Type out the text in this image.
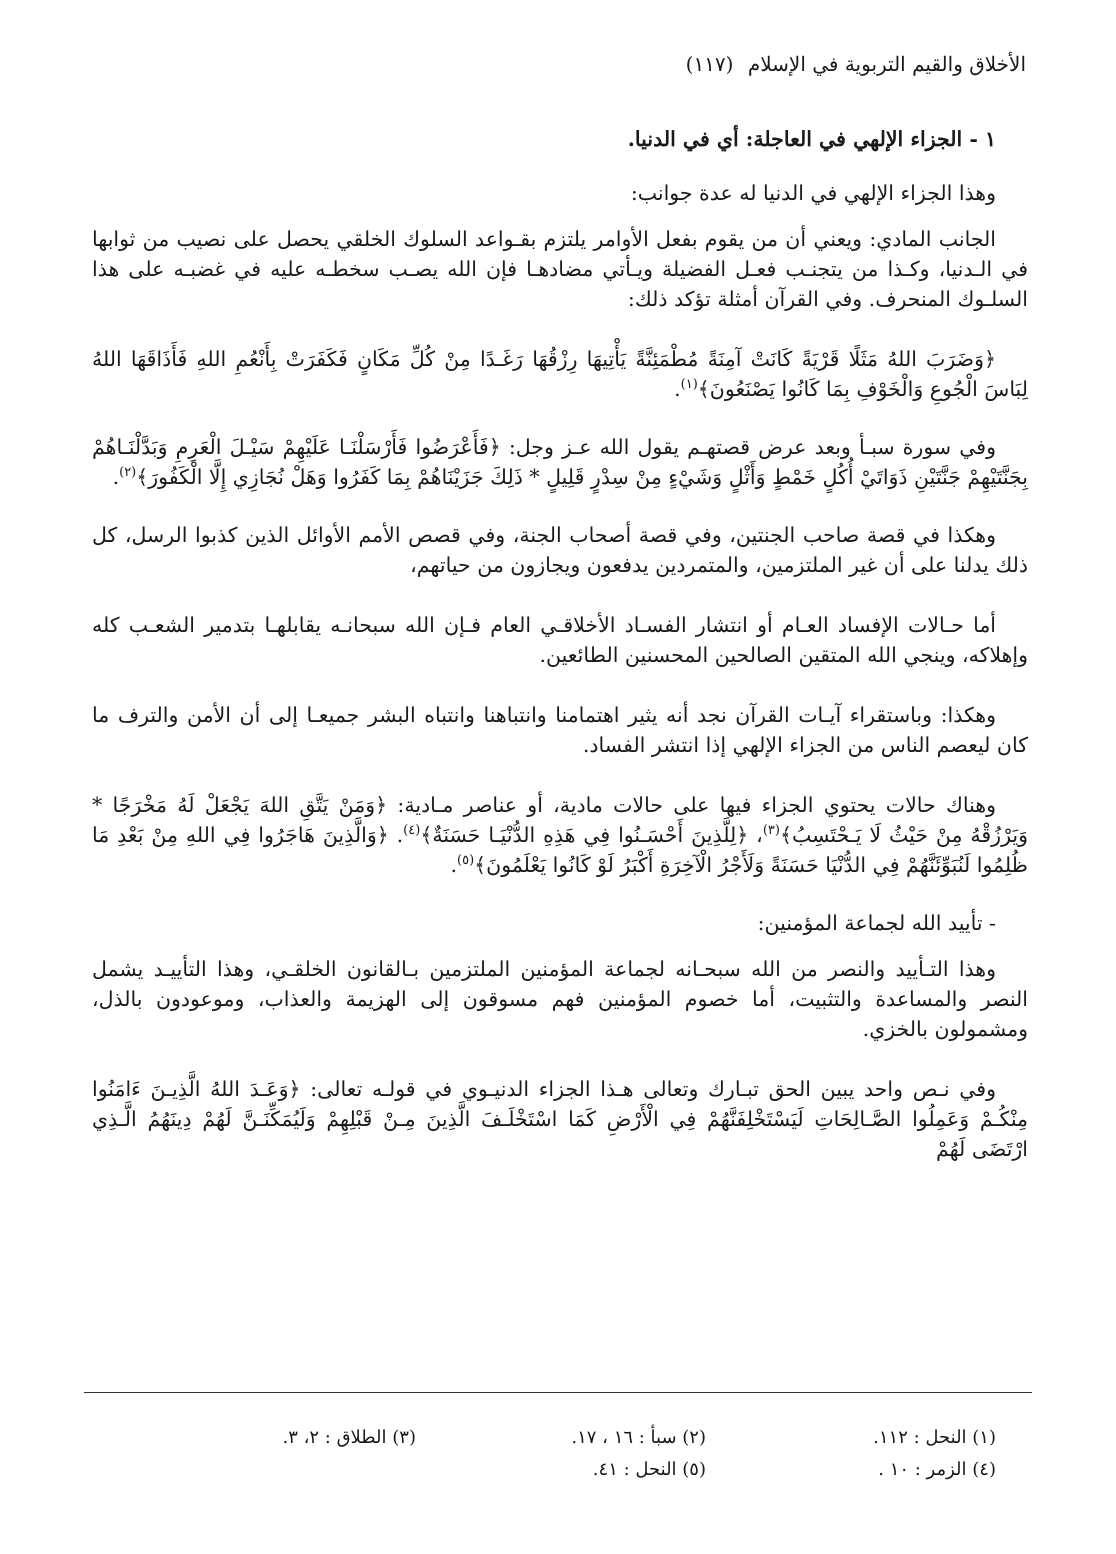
الأخلاق والقيم التربوية في الإسلام (١١٧)

١ - الجزاء الإلهي في العاجلة: أي في الدنيا.

وهذا الجزاء الإلهي في الدنيا له عدة جوانب:

الجانب المادي: ويعني أن من يقوم بفعل الأوامر يلتزم بقـواعد السلوك الخلقي يحصل على نصيب من ثوابها في الـدنيا، وكـذا من يتجنـب فعـل الفضيلة ويـأتي مضادهـا فإن الله يصـب سخطـه عليه في غضبـه على هذا السلـوك المنحرف. وفي القرآن أمثلة تؤكد ذلك:

﴿وَضَرَبَ اللهُ مَثَلًا قَرْيَةً كَانَتْ آمِنَةً مُطْمَئِنَّةً يَأْتِيهَا رِزْقُهَا رَغَـدًا مِنْ كُلِّ مَكَانٍ فَكَفَرَتْ بِأَنْعُمِ اللهِ فَأَذَاقَهَا اللهُ لِبَاسَ الْجُوعِ وَالْخَوْفِ بِمَا كَانُوا يَصْنَعُونَ﴾$^{(١)}$.

وفي سورة سبـأ وبعد عرض قصتهـم يقول الله عـز وجل: ﴿فَأَعْرَضُوا فَأَرْسَلْنَـا عَلَيْهِمْ سَيْـلَ الْعَرِمِ وَبَدَّلْنَـاهُمْ بِجَنَّتَيْهِمْ جَنَّتَيْنِ ذَوَاتَيْ أُكُلٍ خَمْطٍ وَأَثْلٍ وَشَيْءٍ مِنْ سِدْرٍ قَلِيلٍ * ذَلِكَ جَزَيْنَاهُمْ بِمَا كَفَرُوا وَهَلْ نُجَازِي إِلَّا الْكَفُورَ﴾$^{(٢)}$.

وهكذا في قصة صاحب الجنتين، وفي قصة أصحاب الجنة، وفي قصص الأمم الأوائل الذين كذبوا الرسل، كل ذلك يدلنا على أن غير الملتزمين، والمتمردين يدفعون ويجازون من حياتهم،

أما حـالات الإفساد العـام أو انتشار الفسـاد الأخلاقـي العام فـإن الله سبحانـه يقابلهـا بتدمير الشعـب كله وإهلاكه، وينجي الله المتقين الصالحين المحسنين الطائعين.

وهكذا: وباستقراء آيـات القرآن نجد أنه يثير اهتمامنا وانتباهنا وانتباه البشر جميعـا إلى أن الأمن والترف ما كان ليعصم الناس من الجزاء الإلهي إذا انتشر الفساد.

وهناك حالات يحتوي الجزاء فيها على حالات مادية، أو عناصر مـادية: ﴿وَمَنْ يَتَّقِ اللهَ يَجْعَلْ لَهُ مَخْرَجًا * وَيَرْزُقْهُ مِنْ حَيْثُ لَا يَـحْتَسِبُ﴾$^{(٣)}$، ﴿لِلَّذِينَ أَحْسَـنُوا فِي هَذِهِ الدُّنْيَـا حَسَنَةٌ﴾$^{(٤)}$. ﴿وَالَّذِينَ هَاجَرُوا فِي اللهِ مِنْ بَعْدِ مَا ظُلِمُوا لَنُبَوِّئَنَّهُمْ فِي الدُّنْيَا حَسَنَةً وَلَأَجْرُ الْآخِرَةِ أَكْبَرُ لَوْ كَانُوا يَعْلَمُونَ﴾$^{(٥)}$.

- تأييد الله لجماعة المؤمنين:

وهذا التـأييد والنصر من الله سبحـانه لجماعة المؤمنين الملتزمين بـالقانون الخلقـي، وهذا التأييـد يشمل النصر والمساعدة والتثبيت، أما خصوم المؤمنين فهم مسوقون إلى الهزيمة والعذاب، وموعودون بالذل، ومشمولون بالخزي.

وفي نـص واحد يبين الحق تبـارك وتعالى هـذا الجزاء الدنيـوي في قولـه تعالى: ﴿وَعَـدَ اللهُ الَّذِيـنَ ءَامَنُوا مِنْكُـمْ وَعَمِلُوا الصَّـالِحَاتِ لَيَسْتَخْلِفَنَّهُمْ فِي الْأَرْضِ كَمَا اسْتَخْلَـفَ الَّذِينَ مِـنْ قَبْلِهِمْ وَلَيُمَكِّنَـنَّ لَهُمْ دِينَهُمُ الَّـذِي ارْتَضَى لَهُمْ

(١) النحل : ١١٢.
(٢) سبأ : ١٦ ، ١٧.
(٣) الطلاق : ٢، ٣.
(٤) الزمر : ١٠ .
(٥) النحل : ٤١.
